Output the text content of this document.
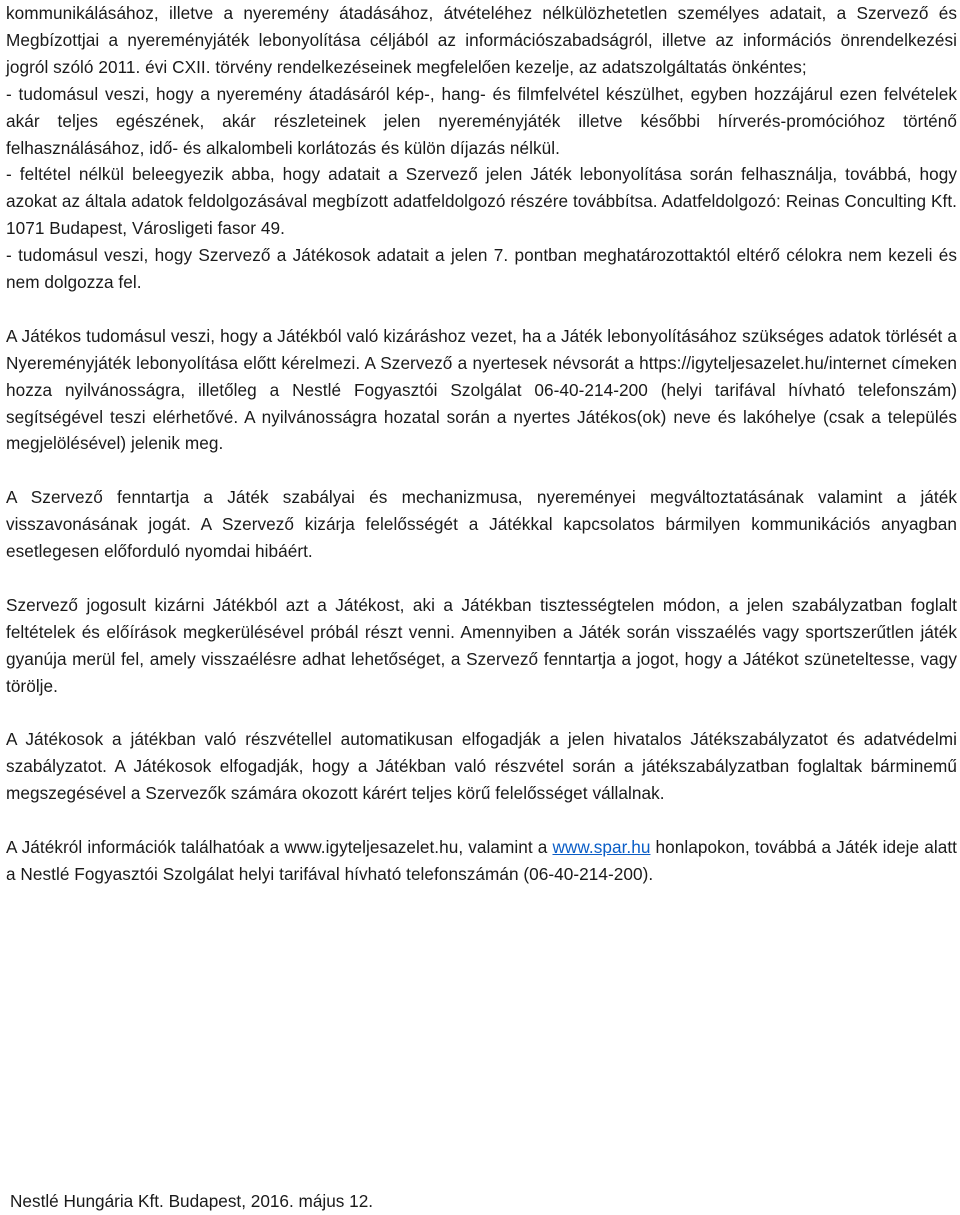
kommunikálásához, illetve a nyeremény átadásához, átvételéhez nélkülözhetetlen személyes adatait, a Szervező és Megbízottjai a nyereményjáték lebonyolítása céljából az információszabadságról, illetve az információs önrendelkezési jogról szóló 2011. évi CXII. törvény rendelkezéseinek megfelelően kezelje, az adatszolgáltatás önkéntes;

- tudomásul veszi, hogy a nyeremény átadásáról kép-, hang- és filmfelvétel készülhet, egyben hozzájárul ezen felvételek akár teljes egészének, akár részleteinek jelen nyereményjáték illetve későbbi hírverés-promócióhoz történő felhasználásához, idő- és alkalombeli korlátozás és külön díjazás nélkül.

- feltétel nélkül beleegyezik abba, hogy adatait a Szervező jelen Játék lebonyolítása során felhasználja, továbbá, hogy azokat az általa adatok feldolgozásával megbízott adatfeldolgozó részére továbbítsa. Adatfeldolgozó: Reinas Conculting Kft. 1071 Budapest, Városligeti fasor 49.

- tudomásul veszi, hogy Szervező a Játékosok adatait a jelen 7. pontban meghatározottaktól eltérő célokra nem kezeli és nem dolgozza fel.

A Játékos tudomásul veszi, hogy a Játékból való kizáráshoz vezet, ha a Játék lebonyolításához szükséges adatok törlését a Nyereményjáték lebonyolítása előtt kérelmezi. A Szervező a nyertesek névsorát a https://igyteljesazelet.hu/internet címeken hozza nyilvánosságra, illetőleg a Nestlé Fogyasztói Szolgálat 06-40-214-200 (helyi tarifával hívható telefonszám) segítségével teszi elérhetővé. A nyilvánosságra hozatal során a nyertes Játékos(ok) neve és lakóhelye (csak a település megjelölésével) jelenik meg.

A Szervező fenntartja a Játék szabályai és mechanizmusa, nyereményei megváltoztatásának valamint a játék visszavonásának jogát. A Szervező kizárja felelősségét a Játékkal kapcsolatos bármilyen kommunikációs anyagban esetlegesen előforduló nyomdai hibáért.

Szervező jogosult kizárni Játékból azt a Játékost, aki a Játékban tisztességtelen módon, a jelen szabályzatban foglalt feltételek és előírások megkerülésével próbál részt venni. Amennyiben a Játék során visszaélés vagy sportszerűtlen játék gyanúja merül fel, amely visszaélésre adhat lehetőséget, a Szervező fenntartja a jogot, hogy a Játékot szüneteltesse, vagy törölje.

A Játékosok a játékban való részvétellel automatikusan elfogadják a jelen hivatalos Játékszabályzatot és adatvédelmi szabályzatot. A Játékosok elfogadják, hogy a Játékban való részvétel során a játékszabályzatban foglaltak bárminemű megszegésével a Szervezők számára okozott kárért teljes körű felelősséget vállalnak.

A Játékról információk találhatóak a www.igyteljesazelet.hu, valamint a www.spar.hu honlapokon, továbbá a Játék ideje alatt a Nestlé Fogyasztói Szolgálat helyi tarifával hívható telefonszámán (06-40-214-200).

Nestlé Hungária Kft. Budapest, 2016. május 12.
